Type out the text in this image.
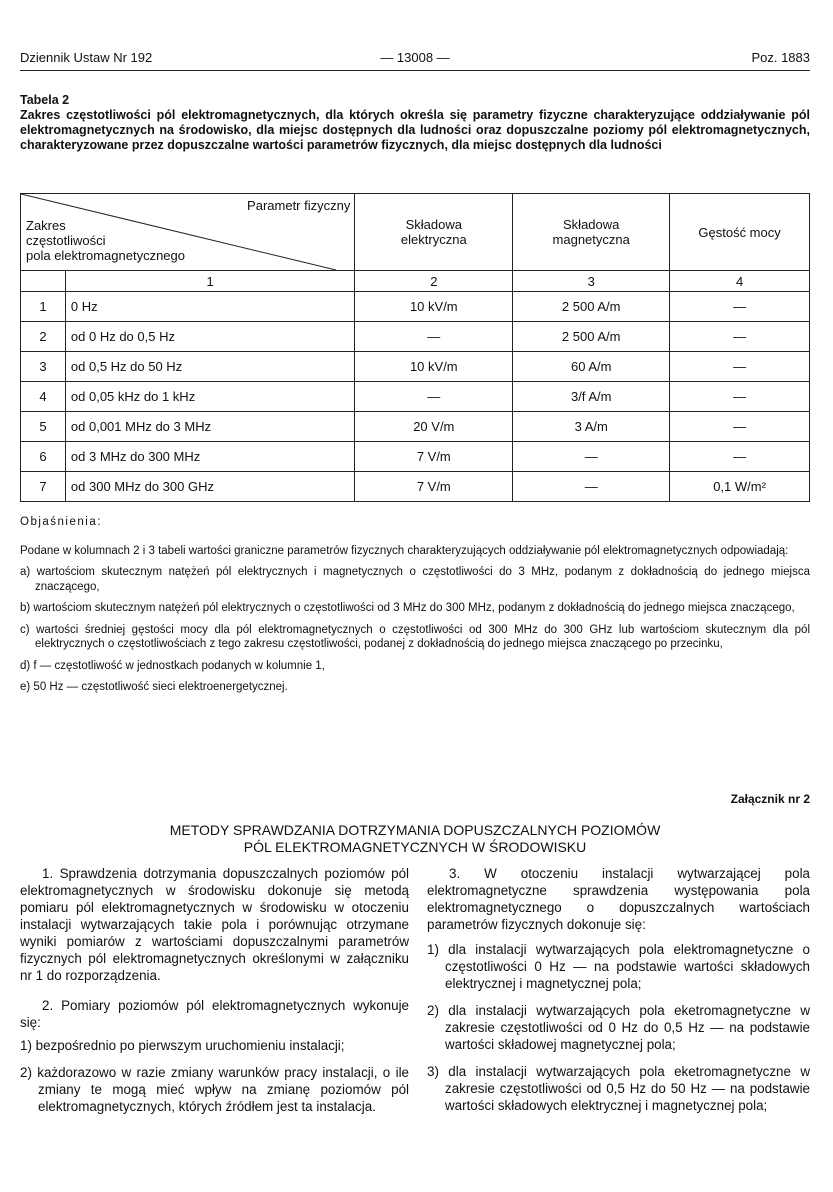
Dziennik Ustaw Nr 192	— 13008 —	Poz. 1883
Tabela 2
Zakres częstotliwości pól elektromagnetycznych, dla których określa się parametry fizyczne charakteryzujące oddziaływanie pól elektromagnetycznych na środowisko, dla miejsc dostępnych dla ludności oraz dopuszczalne poziomy pól elektromagnetycznych, charakteryzowane przez dopuszczalne wartości parametrów fizycznych, dla miejsc dostępnych dla ludności
Parametr fizyczny
Zakres
częstotliwości
pola elektromagnetycznego		Składowa elektryczna	Składowa magnetyczna	Gęstość mocy
	1	2	3	4
1	0 Hz	10 kV/m	2 500 A/m	—
2	od 0 Hz do 0,5 Hz	—	2 500 A/m	—
3	od 0,5 Hz do 50 Hz	10 kV/m	60 A/m	—
4	od 0,05 kHz do 1 kHz	—	3/f A/m	—
5	od 0,001 MHz do 3 MHz	20 V/m	3 A/m	—
6	od 3 MHz do 300 MHz	7 V/m	—	—
7	od 300 MHz do 300 GHz	7 V/m	—	0,1 W/m²
Objaśnienia:

Podane w kolumnach 2 i 3 tabeli wartości graniczne parametrów fizycznych charakteryzujących oddziaływanie pól elektromagnetycznych odpowiadają:

a) wartościom skutecznym natężeń pól elektrycznych i magnetycznych o częstotliwości do 3 MHz, podanym z dokładnością do jednego miejsca znaczącego,

b) wartościom skutecznym natężeń pól elektrycznych o częstotliwości od 3 MHz do 300 MHz, podanym z dokładnością do jednego miejsca znaczącego,

c) wartości średniej gęstości mocy dla pól elektromagnetycznych o częstotliwości od 300 MHz do 300 GHz lub wartościom skutecznym dla pól elektrycznych o częstotliwościach z tego zakresu częstotliwości, podanej z dokładnością do jednego miejsca znaczącego po przecinku,

d) f — częstotliwość w jednostkach podanych w kolumnie 1,

e) 50 Hz — częstotliwość sieci elektroenergetycznej.

Załącznik nr 2
METODY SPRAWDZANIA DOTRZYMANIA DOPUSZCZALNYCH POZIOMÓW
PÓL ELEKTROMAGNETYCZNYCH W ŚRODOWISKU

1. Sprawdzenia dotrzymania dopuszczalnych poziomów pól elektromagnetycznych w środowisku dokonuje się metodą pomiaru pól elektromagnetycznych w środowisku w otoczeniu instalacji wytwarzających takie pola i porównując otrzymane wyniki pomiarów z wartościami dopuszczalnymi parametrów fizycznych pól elektromagnetycznych określonymi w załączniku nr 1 do rozporządzenia.

2. Pomiary poziomów pól elektromagnetycznych wykonuje się:

1) bezpośrednio po pierwszym uruchomieniu instalacji;

2) każdorazowo w razie zmiany warunków pracy instalacji, o ile zmiany te mogą mieć wpływ na zmianę poziomów pól elektromagnetycznych, których źródłem jest ta instalacja.

3. W otoczeniu instalacji wytwarzającej pola elektromagnetyczne sprawdzenia występowania pola elektromagnetycznego o dopuszczalnych wartościach parametrów fizycznych dokonuje się:

1) dla instalacji wytwarzających pola elektromagnetyczne o częstotliwości 0 Hz — na podstawie wartości składowych elektrycznej i magnetycznej pola;

2) dla instalacji wytwarzających pola eketromagnetyczne w zakresie częstotliwości od 0 Hz do 0,5 Hz — na podstawie wartości składowej magnetycznej pola;

3) dla instalacji wytwarzających pola eketromagnetyczne w zakresie częstotliwości od 0,5 Hz do 50 Hz — na podstawie wartości składowych elektrycznej i magnetycznej pola;
